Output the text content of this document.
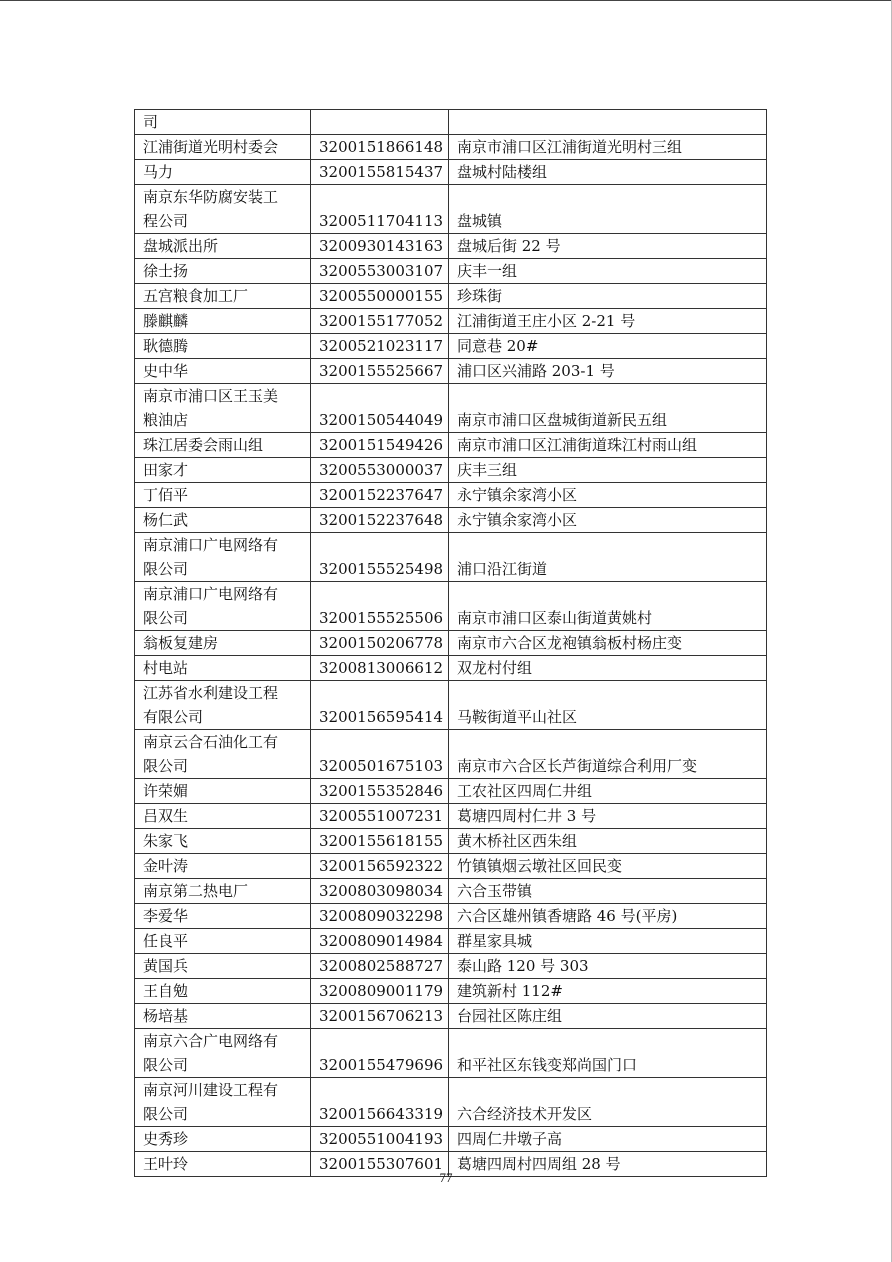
司		
江浦街道光明村委会	3200151866148	南京市浦口区江浦街道光明村三组
马力	3200155815437	盘城村陆楼组
南京东华防腐安装工
程公司	3200511704113	盘城镇
盘城派出所	3200930143163	盘城后街 22 号
徐士扬	3200553003107	庆丰一组
五宫粮食加工厂	3200550000155	珍珠街
滕麒麟	3200155177052	江浦街道王庄小区 2-21 号
耿德腾	3200521023117	同意巷 20#
史中华	3200155525667	浦口区兴浦路 203-1 号
南京市浦口区王玉美
粮油店	3200150544049	南京市浦口区盘城街道新民五组
珠江居委会雨山组	3200151549426	南京市浦口区江浦街道珠江村雨山组
田家才	3200553000037	庆丰三组
丁佰平	3200152237647	永宁镇余家湾小区
杨仁武	3200152237648	永宁镇余家湾小区
南京浦口广电网络有
限公司	3200155525498	浦口沿江街道
南京浦口广电网络有
限公司	3200155525506	南京市浦口区泰山街道黄姚村
翁板复建房	3200150206778	南京市六合区龙袍镇翁板村杨庄变
村电站	3200813006612	双龙村付组
江苏省水利建设工程
有限公司	3200156595414	马鞍街道平山社区
南京云合石油化工有
限公司	3200501675103	南京市六合区长芦街道综合利用厂变
许荣媚	3200155352846	工农社区四周仁井组
吕双生	3200551007231	葛塘四周村仁井 3 号
朱家飞	3200155618155	黄木桥社区西朱组
金叶涛	3200156592322	竹镇镇烟云墩社区回民变
南京第二热电厂	3200803098034	六合玉带镇
李爱华	3200809032298	六合区雄州镇香塘路 46 号(平房)
任良平	3200809014984	群星家具城
黄国兵	3200802588727	泰山路 120 号 303
王自勉	3200809001179	建筑新村 112#
杨培基	3200156706213	台园社区陈庄组
南京六合广电网络有
限公司	3200155479696	和平社区东钱变郑尚国门口
南京河川建设工程有
限公司	3200156643319	六合经济技术开发区
史秀珍	3200551004193	四周仁井墩子高
王叶玲	3200155307601	葛塘四周村四周组 28 号
77
